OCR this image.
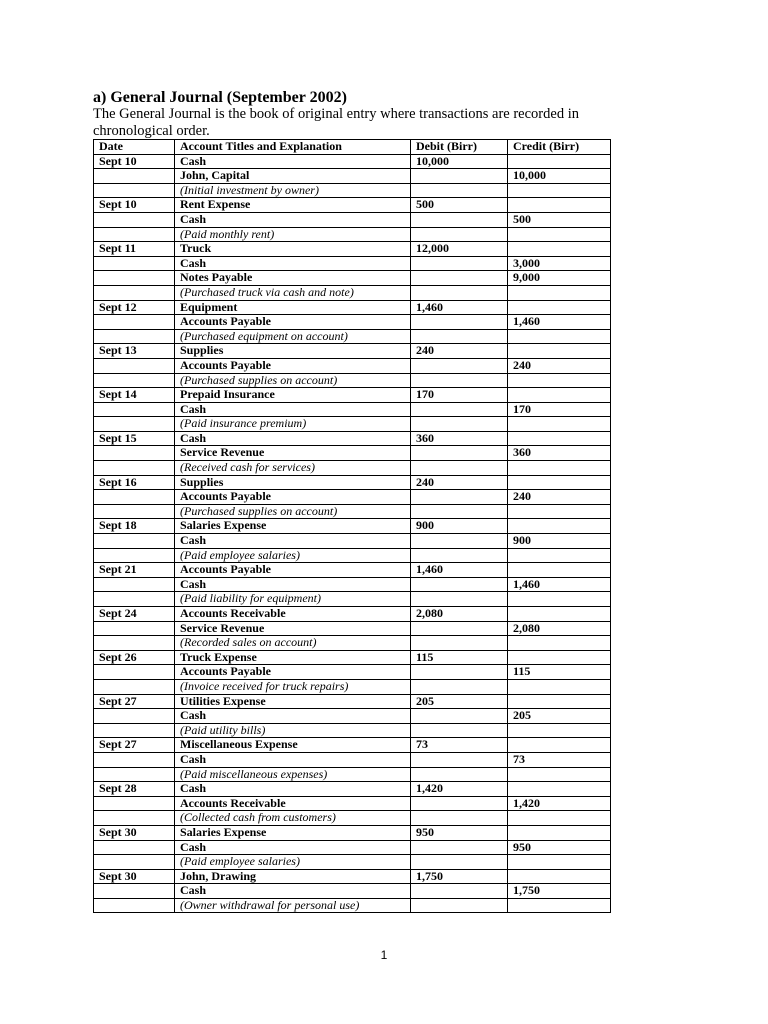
a) General Journal (September 2002)
The General Journal is the book of original entry where transactions are recorded in chronological order.
Date	Account Titles and Explanation	Debit (Birr)	Credit (Birr)
Sept 10	Cash	10,000	
	John, Capital		10,000
	(Initial investment by owner)		
Sept 10	Rent Expense	500	
	Cash		500
	(Paid monthly rent)		
Sept 11	Truck	12,000	
	Cash		3,000
	Notes Payable		9,000
	(Purchased truck via cash and note)		
Sept 12	Equipment	1,460	
	Accounts Payable		1,460
	(Purchased equipment on account)		
Sept 13	Supplies	240	
	Accounts Payable		240
	(Purchased supplies on account)		
Sept 14	Prepaid Insurance	170	
	Cash		170
	(Paid insurance premium)		
Sept 15	Cash	360	
	Service Revenue		360
	(Received cash for services)		
Sept 16	Supplies	240	
	Accounts Payable		240
	(Purchased supplies on account)		
Sept 18	Salaries Expense	900	
	Cash		900
	(Paid employee salaries)		
Sept 21	Accounts Payable	1,460	
	Cash		1,460
	(Paid liability for equipment)		
Sept 24	Accounts Receivable	2,080	
	Service Revenue		2,080
	(Recorded sales on account)		
Sept 26	Truck Expense	115	
	Accounts Payable		115
	(Invoice received for truck repairs)		
Sept 27	Utilities Expense	205	
	Cash		205
	(Paid utility bills)		
Sept 27	Miscellaneous Expense	73	
	Cash		73
	(Paid miscellaneous expenses)		
Sept 28	Cash	1,420	
	Accounts Receivable		1,420
	(Collected cash from customers)		
Sept 30	Salaries Expense	950	
	Cash		950
	(Paid employee salaries)		
Sept 30	John, Drawing	1,750	
	Cash		1,750
	(Owner withdrawal for personal use)		
1
